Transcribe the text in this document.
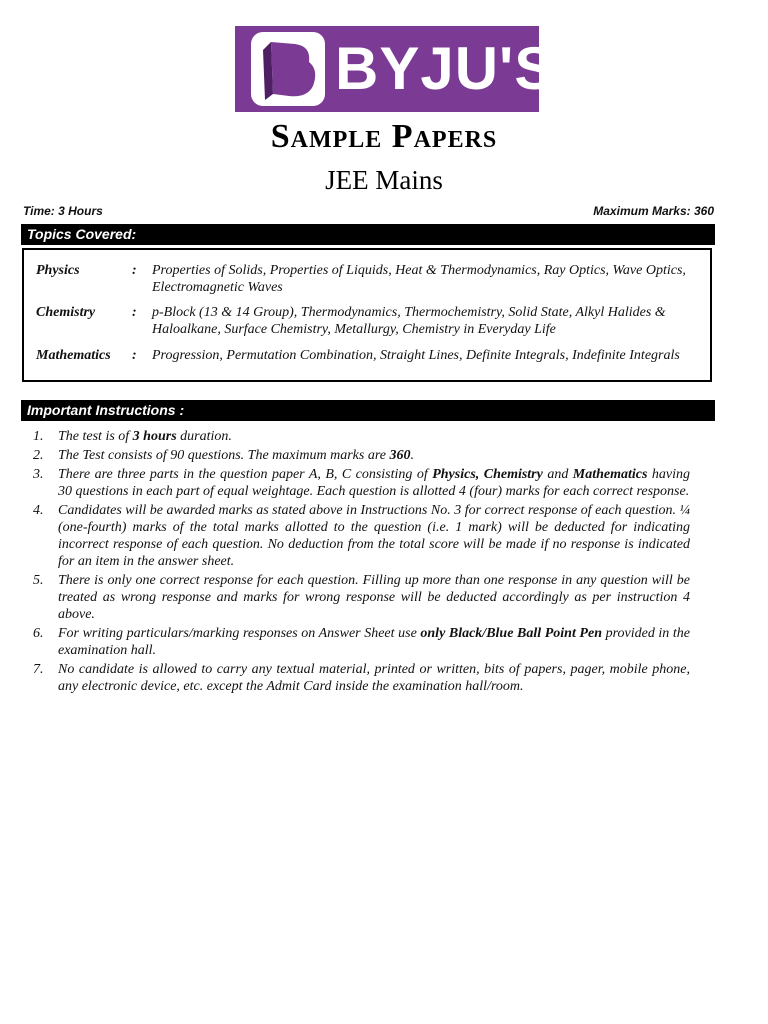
BYJU'S
Sample Papers
JEE Mains
Time: 3 Hours	Maximum Marks: 360
Topics Covered:
Physics	: Properties of Solids, Properties of Liquids, Heat & Thermodynamics, Ray Optics, Wave Optics, Electromagnetic Waves
Chemistry	: p-Block (13 & 14 Group), Thermodynamics, Thermochemistry, Solid State, Alkyl Halides & Haloalkane, Surface Chemistry, Metallurgy, Chemistry in Everyday Life
Mathematics	: Progression, Permutation Combination, Straight Lines, Definite Integrals, Indefinite Integrals
Important Instructions :
1. The test is of 3 hours duration.
2. The Test consists of 90 questions. The maximum marks are 360.
3. There are three parts in the question paper A, B, C consisting of Physics, Chemistry and Mathematics having 30 questions in each part of equal weightage. Each question is allotted 4 (four) marks for each correct response.
4. Candidates will be awarded marks as stated above in Instructions No. 3 for correct response of each question. ¼ (one-fourth) marks of the total marks allotted to the question (i.e. 1 mark) will be deducted for indicating incorrect response of each question. No deduction from the total score will be made if no response is indicated for an item in the answer sheet.
5. There is only one correct response for each question. Filling up more than one response in any question will be treated as wrong response and marks for wrong response will be deducted accordingly as per instruction 4 above.
6. For writing particulars/marking responses on Answer Sheet use only Black/Blue Ball Point Pen provided in the examination hall.
7. No candidate is allowed to carry any textual material, printed or written, bits of papers, pager, mobile phone, any electronic device, etc. except the Admit Card inside the examination hall/room.
